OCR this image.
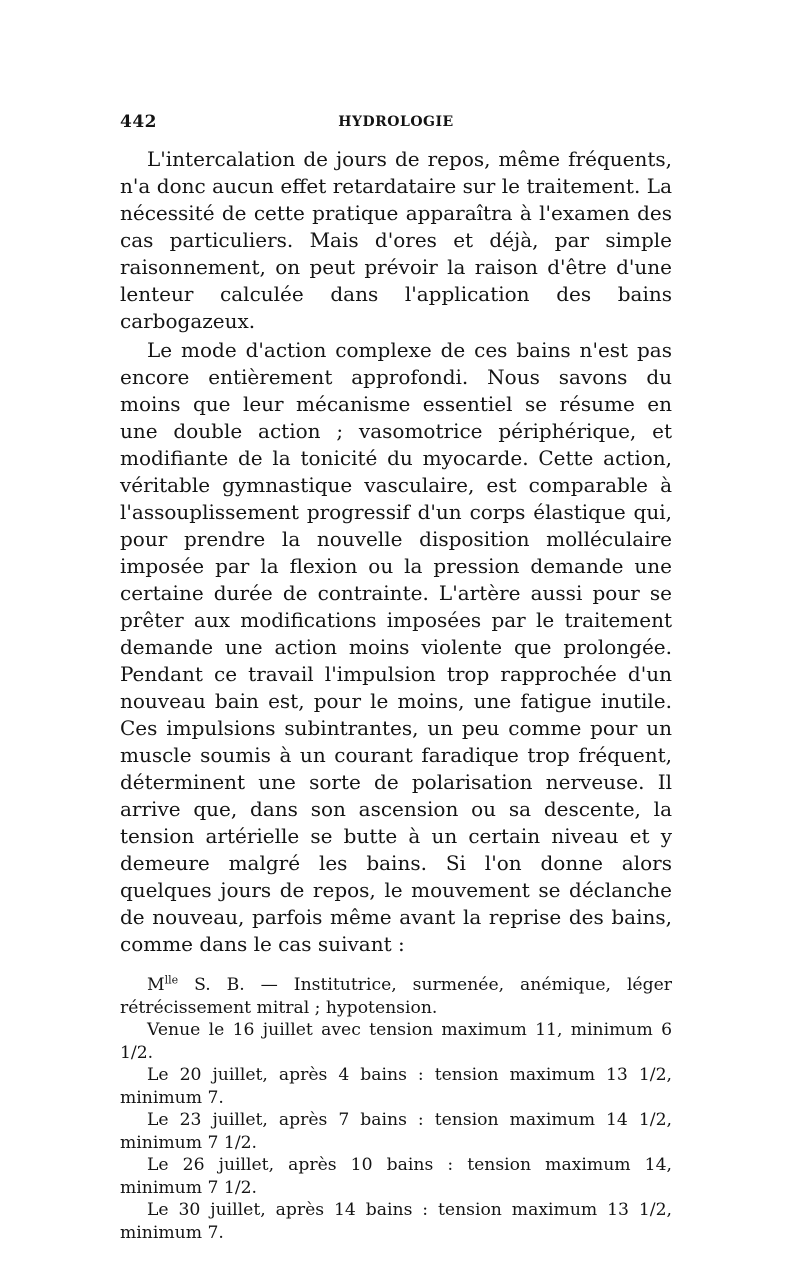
442	HYDROLOGIE

L'intercalation de jours de repos, même fréquents, n'a donc aucun effet retardataire sur le traitement. La nécessité de cette pratique apparaîtra à l'examen des cas particuliers. Mais d'ores et déjà, par simple raisonnement, on peut prévoir la raison d'être d'une lenteur calculée dans l'application des bains carbogazeux.

Le mode d'action complexe de ces bains n'est pas encore entièrement approfondi. Nous savons du moins que leur mécanisme essentiel se résume en une double action ; vasomotrice périphérique, et modifiante de la tonicité du myocarde. Cette action, véritable gymnastique vasculaire, est comparable à l'assouplissement progressif d'un corps élastique qui, pour prendre la nouvelle disposition molléculaire imposée par la flexion ou la pression demande une certaine durée de contrainte. L'artère aussi pour se prêter aux modifications imposées par le traitement demande une action moins violente que prolongée. Pendant ce travail l'impulsion trop rapprochée d'un nouveau bain est, pour le moins, une fatigue inutile. Ces impulsions subintrantes, un peu comme pour un muscle soumis à un courant faradique trop fréquent, déterminent une sorte de polarisation nerveuse. Il arrive que, dans son ascension ou sa descente, la tension artérielle se butte à un certain niveau et y demeure malgré les bains. Si l'on donne alors quelques jours de repos, le mouvement se déclanche de nouveau, parfois même avant la reprise des bains, comme dans le cas suivant :

$M^{lle}$ S. B. — Institutrice, surmenée, anémique, léger rétrécissement mitral ; hypotension.

Venue le 16 juillet avec tension maximum 11, minimum 6 1/2.

Le 20 juillet, après 4 bains : tension maximum 13 1/2, minimum 7.

Le 23 juillet, après 7 bains : tension maximum 14 1/2, minimum 7 1/2.

Le 26 juillet, après 10 bains : tension maximum 14, minimum 7 1/2.

Le 30 juillet, après 14 bains : tension maximum 13 1/2, minimum 7.
